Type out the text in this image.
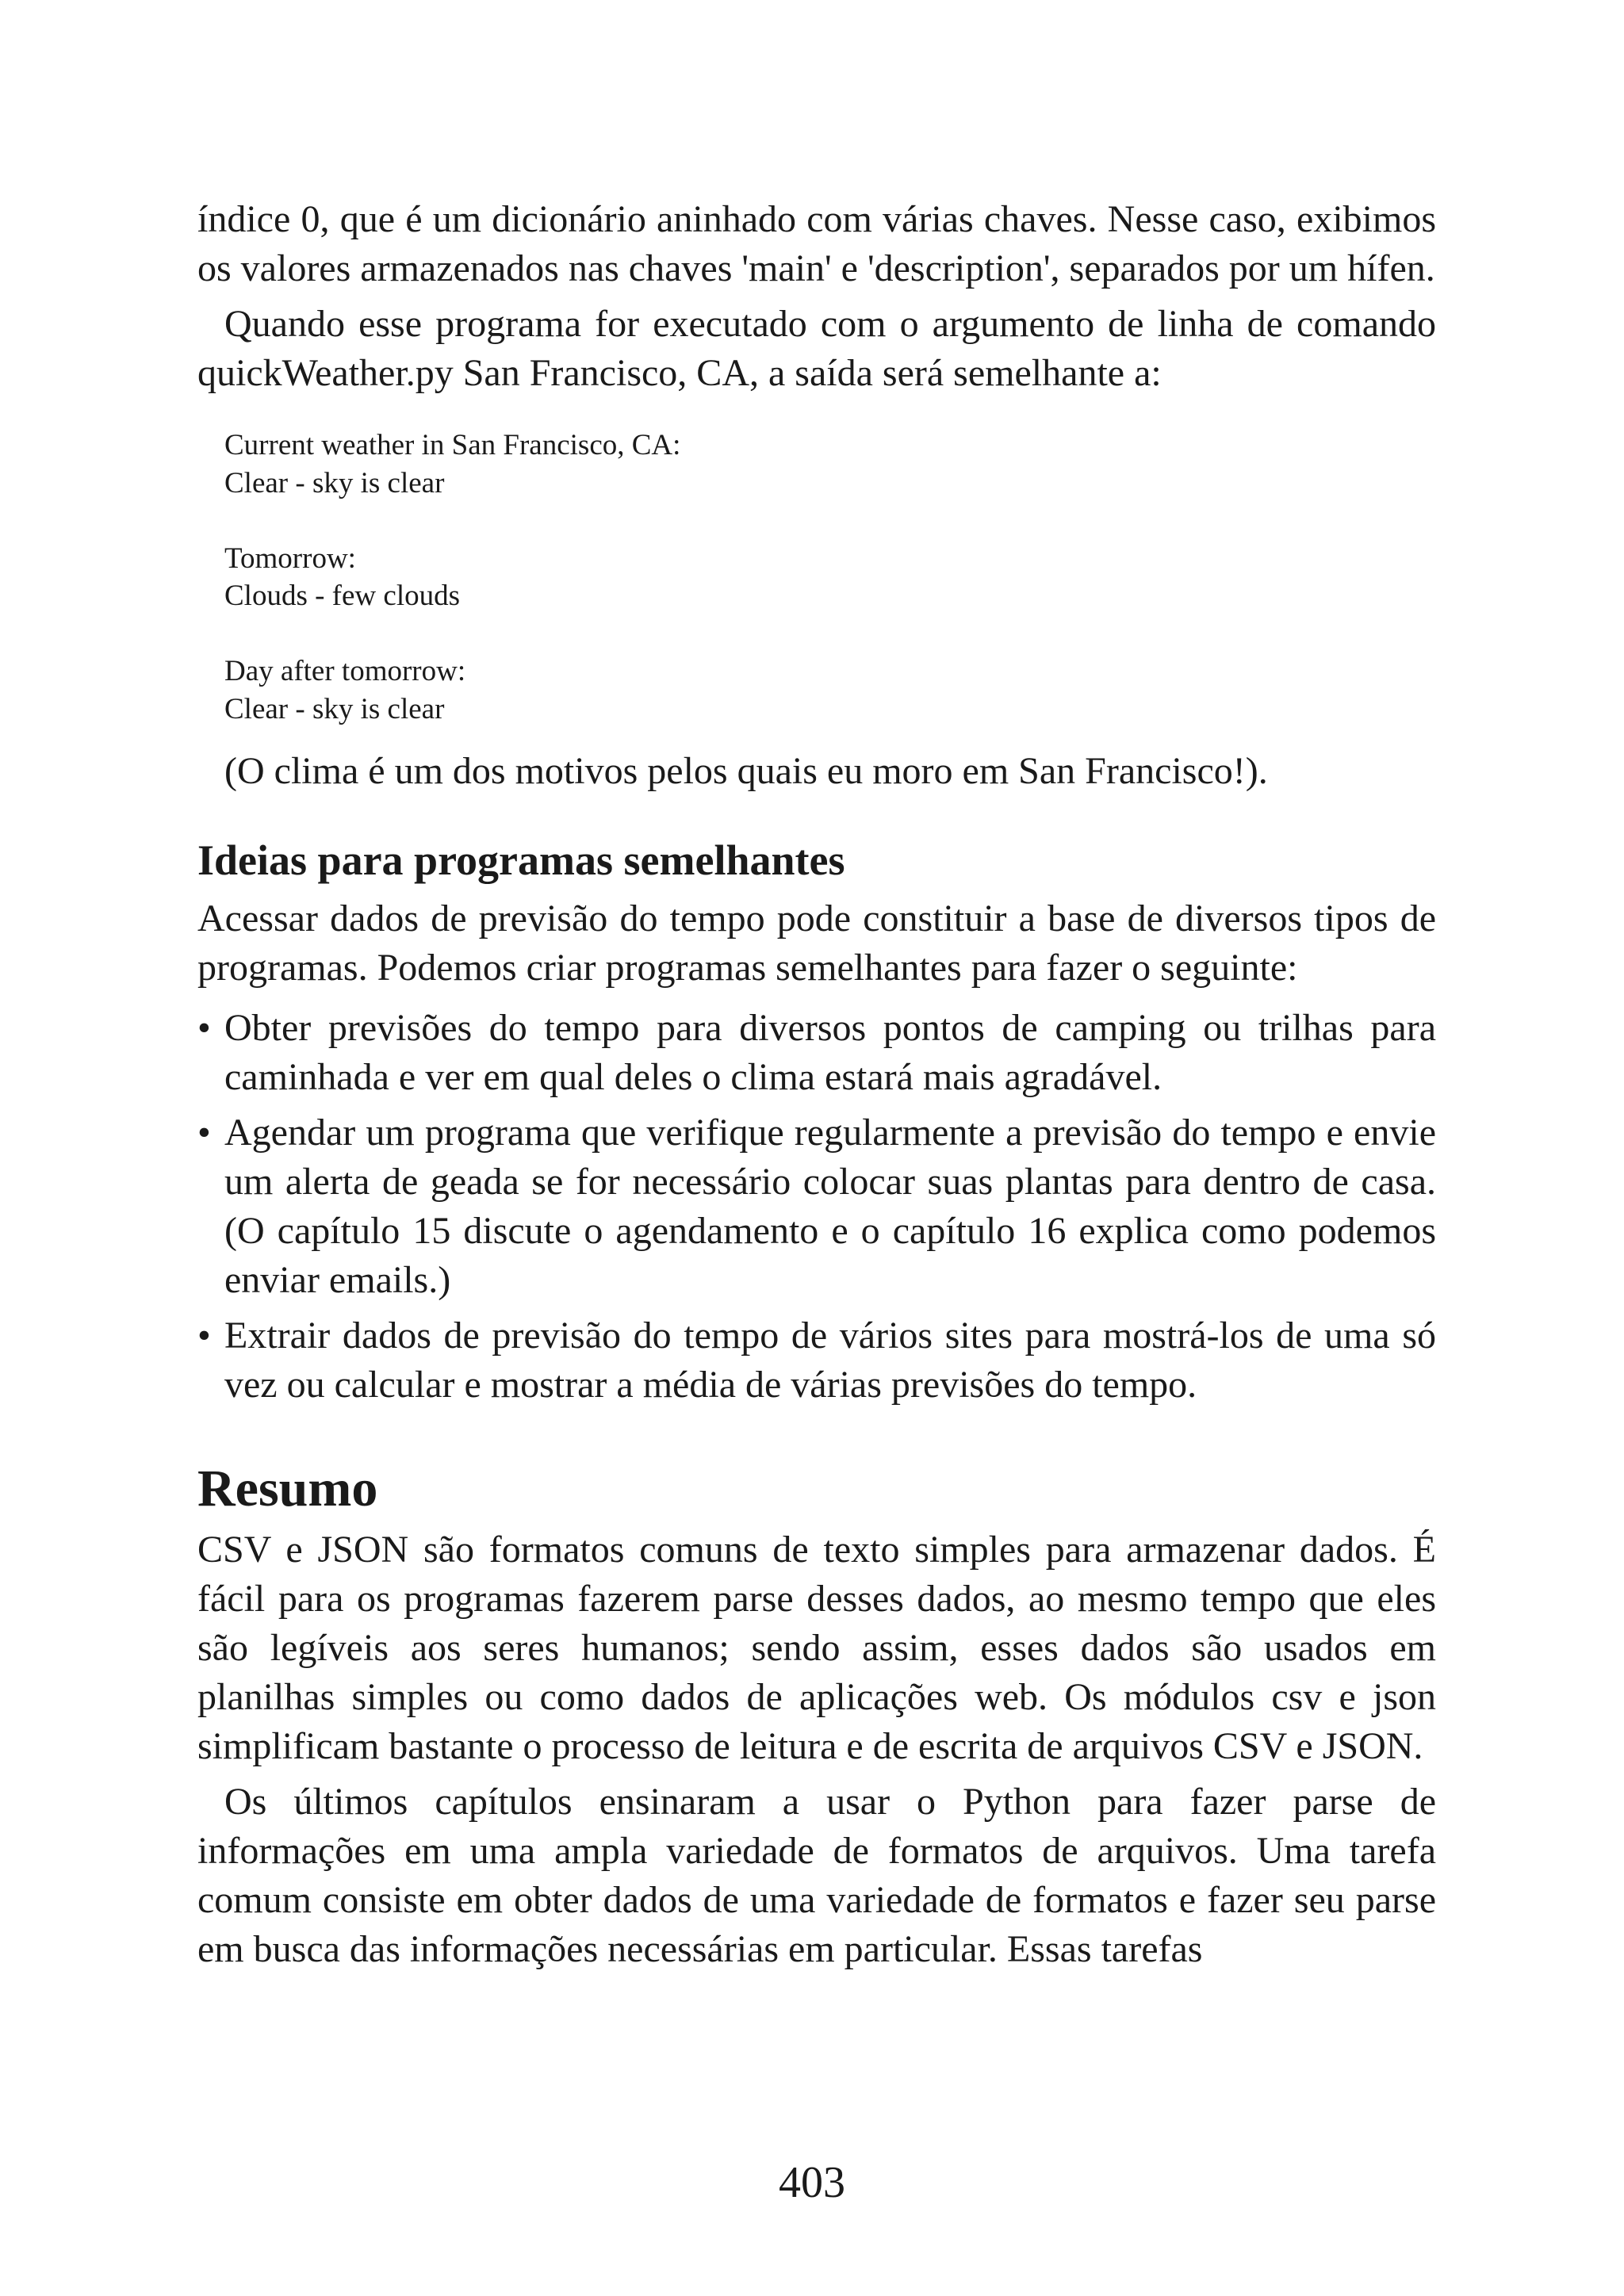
índice 0, que é um dicionário aninhado com várias chaves. Nesse caso, exibimos os valores armazenados nas chaves 'main' e 'description', separados por um hífen.

Quando esse programa for executado com o argumento de linha de comando quickWeather.py San Francisco, CA, a saída será semelhante a:

Current weather in San Francisco, CA:
Clear - sky is clear
Tomorrow:
Clouds - few clouds
Day after tomorrow:
Clear - sky is clear

(O clima é um dos motivos pelos quais eu moro em San Francisco!).

Ideias para programas semelhantes

Acessar dados de previsão do tempo pode constituir a base de diversos tipos de programas. Podemos criar programas semelhantes para fazer o seguinte:

• Obter previsões do tempo para diversos pontos de camping ou trilhas para caminhada e ver em qual deles o clima estará mais agradável.
• Agendar um programa que verifique regularmente a previsão do tempo e envie um alerta de geada se for necessário colocar suas plantas para dentro de casa. (O capítulo 15 discute o agendamento e o capítulo 16 explica como podemos enviar emails.)
• Extrair dados de previsão do tempo de vários sites para mostrá-los de uma só vez ou calcular e mostrar a média de várias previsões do tempo.
Resumo

CSV e JSON são formatos comuns de texto simples para armazenar dados. É fácil para os programas fazerem parse desses dados, ao mesmo tempo que eles são legíveis aos seres humanos; sendo assim, esses dados são usados em planilhas simples ou como dados de aplicações web. Os módulos csv e json simplificam bastante o processo de leitura e de escrita de arquivos CSV e JSON.

Os últimos capítulos ensinaram a usar o Python para fazer parse de informações em uma ampla variedade de formatos de arquivos. Uma tarefa comum consiste em obter dados de uma variedade de formatos e fazer seu parse em busca das informações necessárias em particular. Essas tarefas

403
